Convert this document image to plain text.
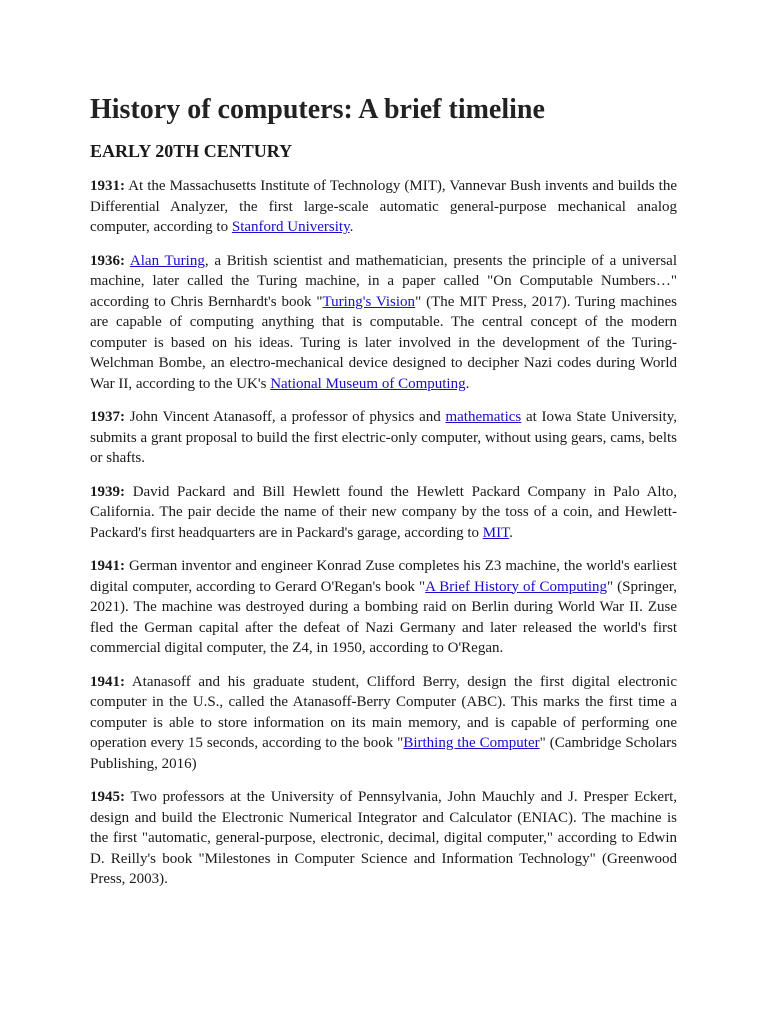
History of computers: A brief timeline
EARLY 20TH CENTURY

1931: At the Massachusetts Institute of Technology (MIT), Vannevar Bush invents and builds the Differential Analyzer, the first large-scale automatic general-purpose mechanical analog computer, according to Stanford University.

1936: Alan Turing, a British scientist and mathematician, presents the principle of a universal machine, later called the Turing machine, in a paper called "On Computable Numbers…" according to Chris Bernhardt's book "Turing's Vision" (The MIT Press, 2017). Turing machines are capable of computing anything that is computable. The central concept of the modern computer is based on his ideas. Turing is later involved in the development of the Turing-Welchman Bombe, an electro-mechanical device designed to decipher Nazi codes during World War II, according to the UK's National Museum of Computing.

1937: John Vincent Atanasoff, a professor of physics and mathematics at Iowa State University, submits a grant proposal to build the first electric-only computer, without using gears, cams, belts or shafts.

1939: David Packard and Bill Hewlett found the Hewlett Packard Company in Palo Alto, California. The pair decide the name of their new company by the toss of a coin, and Hewlett-Packard's first headquarters are in Packard's garage, according to MIT.

1941: German inventor and engineer Konrad Zuse completes his Z3 machine, the world's earliest digital computer, according to Gerard O'Regan's book "A Brief History of Computing" (Springer, 2021). The machine was destroyed during a bombing raid on Berlin during World War II. Zuse fled the German capital after the defeat of Nazi Germany and later released the world's first commercial digital computer, the Z4, in 1950, according to O'Regan.

1941: Atanasoff and his graduate student, Clifford Berry, design the first digital electronic computer in the U.S., called the Atanasoff-Berry Computer (ABC). This marks the first time a computer is able to store information on its main memory, and is capable of performing one operation every 15 seconds, according to the book "Birthing the Computer" (Cambridge Scholars Publishing, 2016)

1945: Two professors at the University of Pennsylvania, John Mauchly and J. Presper Eckert, design and build the Electronic Numerical Integrator and Calculator (ENIAC). The machine is the first "automatic, general-purpose, electronic, decimal, digital computer," according to Edwin D. Reilly's book "Milestones in Computer Science and Information Technology" (Greenwood Press, 2003).
